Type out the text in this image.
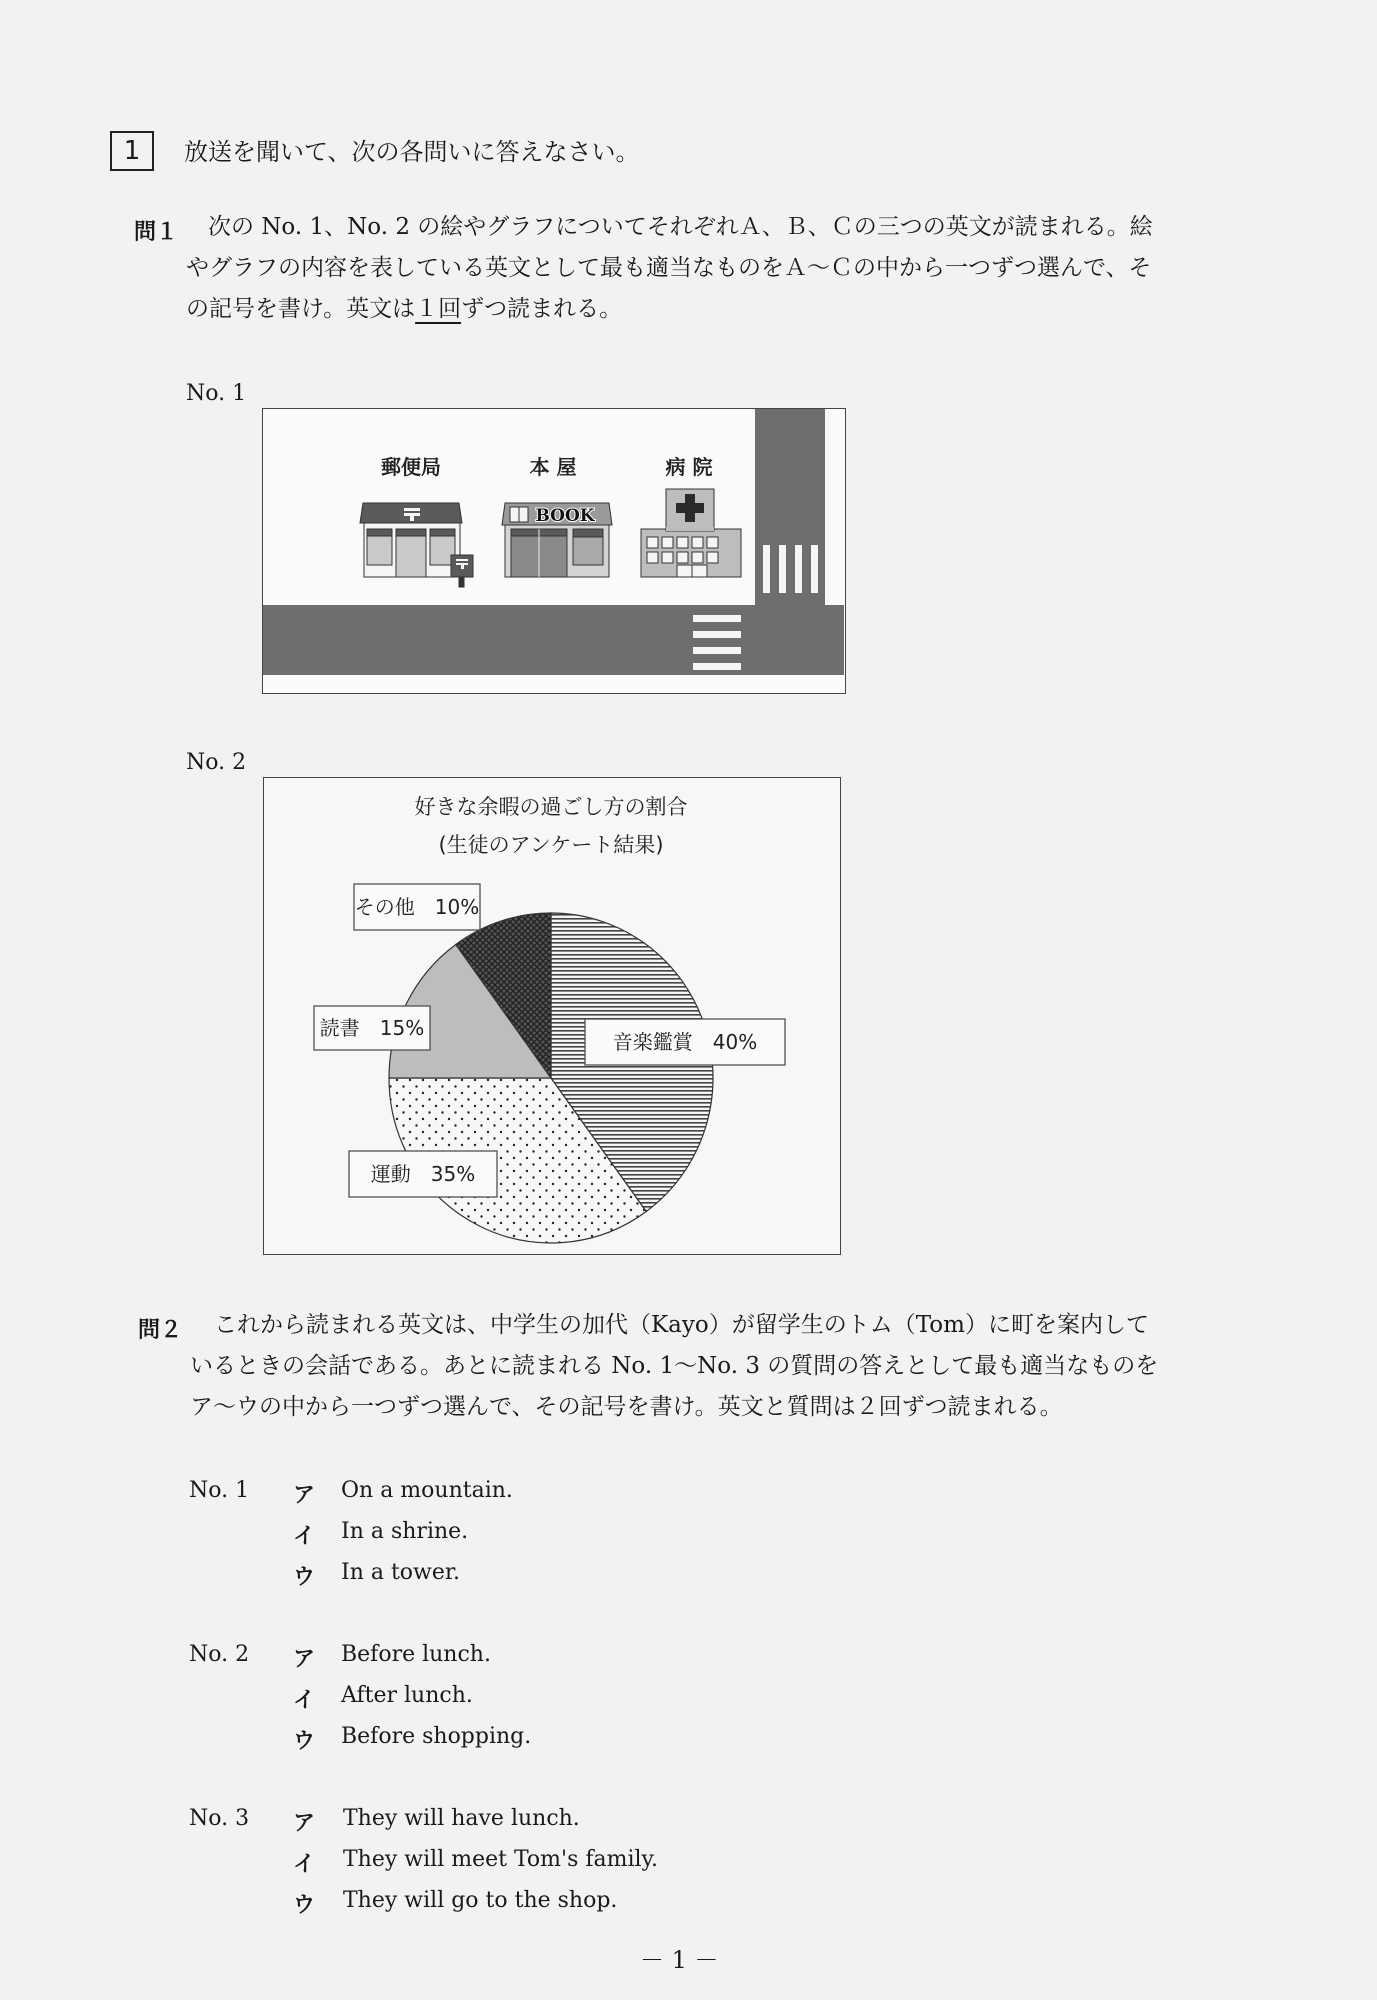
1 放送を聞いて、次の各問いに答えなさい。
問１ 次の No. 1、No. 2 の絵やグラフについてそれぞれＡ、Ｂ、Ｃの三つの英文が読まれる。絵
やグラフの内容を表している英文として最も適当なものをＡ～Ｃの中から一つずつ選んで、そ
の記号を書け。英文は１回ずつ読まれる。
No. 1
郵便局	本 屋	病 院
BOOK
No. 2
好きな余暇の過ごし方の割合
(生徒のアンケート結果)
その他　10%
読書　15%
音楽鑑賞　40%
運動　35%
問２ これから読まれる英文は、中学生の加代（Kayo）が留学生のトム（Tom）に町を案内して
いるときの会話である。あとに読まれる No. 1～No. 3 の質問の答えとして最も適当なものを
ア～ウの中から一つずつ選んで、その記号を書け。英文と質問は２回ずつ読まれる。
No. 1 ア On a mountain.
イ In a shrine.
ウ In a tower.
No. 2 ア Before lunch.
イ After lunch.
ウ Before shopping.
No. 3 ア They will have lunch.
イ They will meet Tom's family.
ウ They will go to the shop.
－ 1 －
